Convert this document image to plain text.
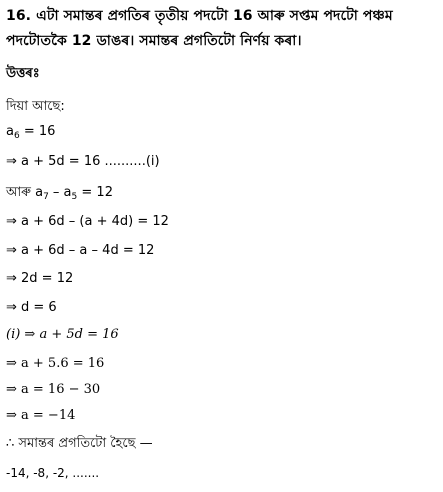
16. এটা সমান্তৰ প্ৰগতিৰ তৃতীয় পদটো 16 আৰু সপ্তম পদটো পঞ্চম পদটোতকৈ 12 ডাঙৰ। সমান্তৰ প্ৰগতিটো নিৰ্ণয় কৰা।
উত্তৰঃ
দিয়া আছে:
$a_6 = 16$
⇒ a + 5d = 16 ..........(i)
আৰু $a_7 - a_5 = 12$
⇒ a + 6d – (a + 4d) = 12
⇒ a + 6d – a – 4d = 12
⇒ 2d = 12
⇒ d = 6
(i) ⇒ a + 5d = 16
⇒ a + 5.6 = 16
⇒ a = 16 − 30
⇒ a = −14
∴ সমান্তৰ প্ৰগতিটো হৈছে —
-14, -8, -2, .......
